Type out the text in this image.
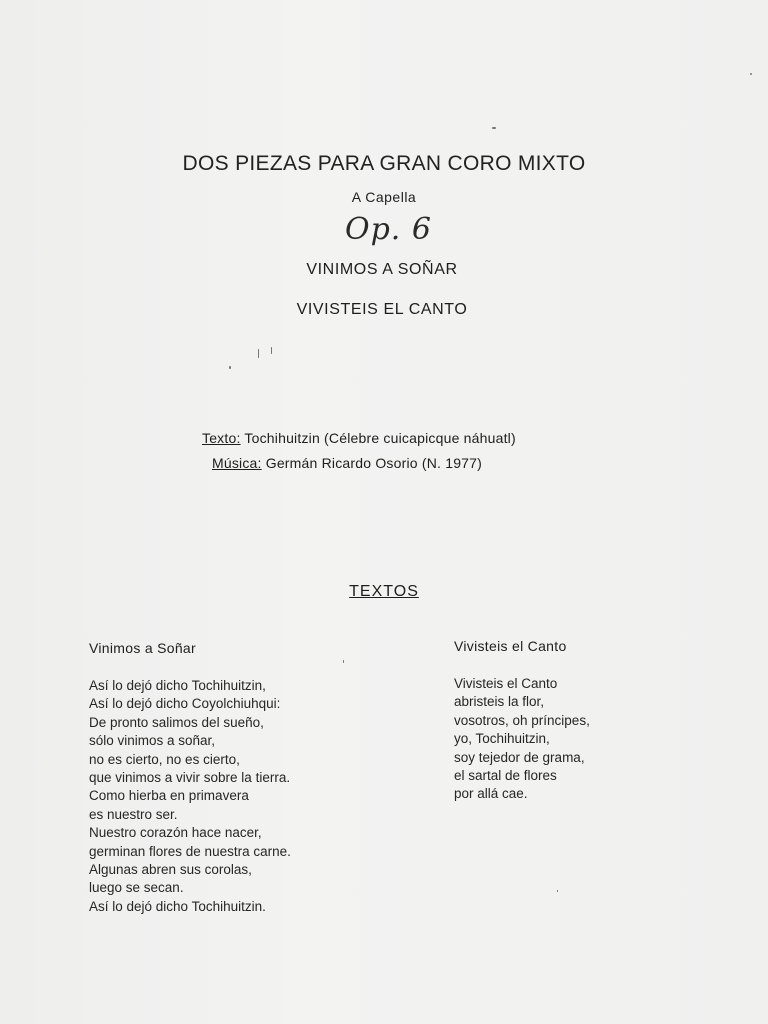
DOS PIEZAS PARA GRAN CORO MIXTO
A Capella
Op. 6
VINIMOS A SOÑAR
VIVISTEIS EL CANTO
Texto: Tochihuitzin (Célebre cuicapicque náhuatl)
Música: Germán Ricardo Osorio (N. 1977)
TEXTOS
Vinimos a Soñar
Así lo dejó dicho Tochihuitzin,
Así lo dejó dicho Coyolchiuhqui:
De pronto salimos del sueño,
sólo vinimos a soñar,
no es cierto, no es cierto,
que vinimos a vivir sobre la tierra.
Como hierba en primavera
es nuestro ser.
Nuestro corazón hace nacer,
germinan flores de nuestra carne.
Algunas abren sus corolas,
luego se secan.
Así lo dejó dicho Tochihuitzin.
Vivisteis el Canto
Vivisteis el Canto
abristeis la flor,
vosotros, oh príncipes,
yo, Tochihuitzin,
soy tejedor de grama,
el sartal de flores
por allá cae.
